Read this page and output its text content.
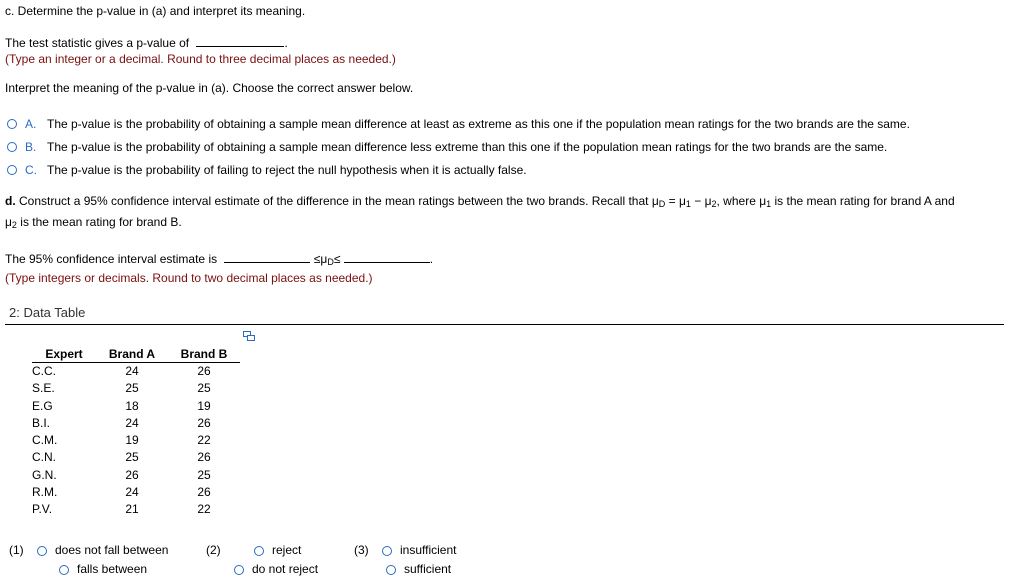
c. Determine the p-value in (a) and interpret its meaning.
The test statistic gives a p-value of	.
(Type an integer or a decimal. Round to three decimal places as needed.)
Interpret the meaning of the p-value in (a). Choose the correct answer below.
A. The p-value is the probability of obtaining a sample mean difference at least as extreme as this one if the population mean ratings for the two brands are the same.
B. The p-value is the probability of obtaining a sample mean difference less extreme than this one if the population mean ratings for the two brands are the same.
C. The p-value is the probability of failing to reject the null hypothesis when it is actually false.
d. Construct a 95% confidence interval estimate of the difference in the mean ratings between the two brands. Recall that $\mu_D = \mu_1 - \mu_2$, where $\mu_1$ is the mean rating for brand A and
$\mu_2$ is the mean rating for brand B.
The 95% confidence interval estimate is	$\le\mu_D\le$	.
(Type integers or decimals. Round to two decimal places as needed.)
2: Data Table
Expert	Brand A	Brand B
C.C.	24	26
S.E.	25	25
E.G	18	19
B.I.	24	26
C.M.	19	22
C.N.	25	26
G.N.	26	25
R.M.	24	26
P.V.	21	22
(1)	does not fall between
falls between
(2)	reject
do not reject
(3)	insufficient
sufficient
